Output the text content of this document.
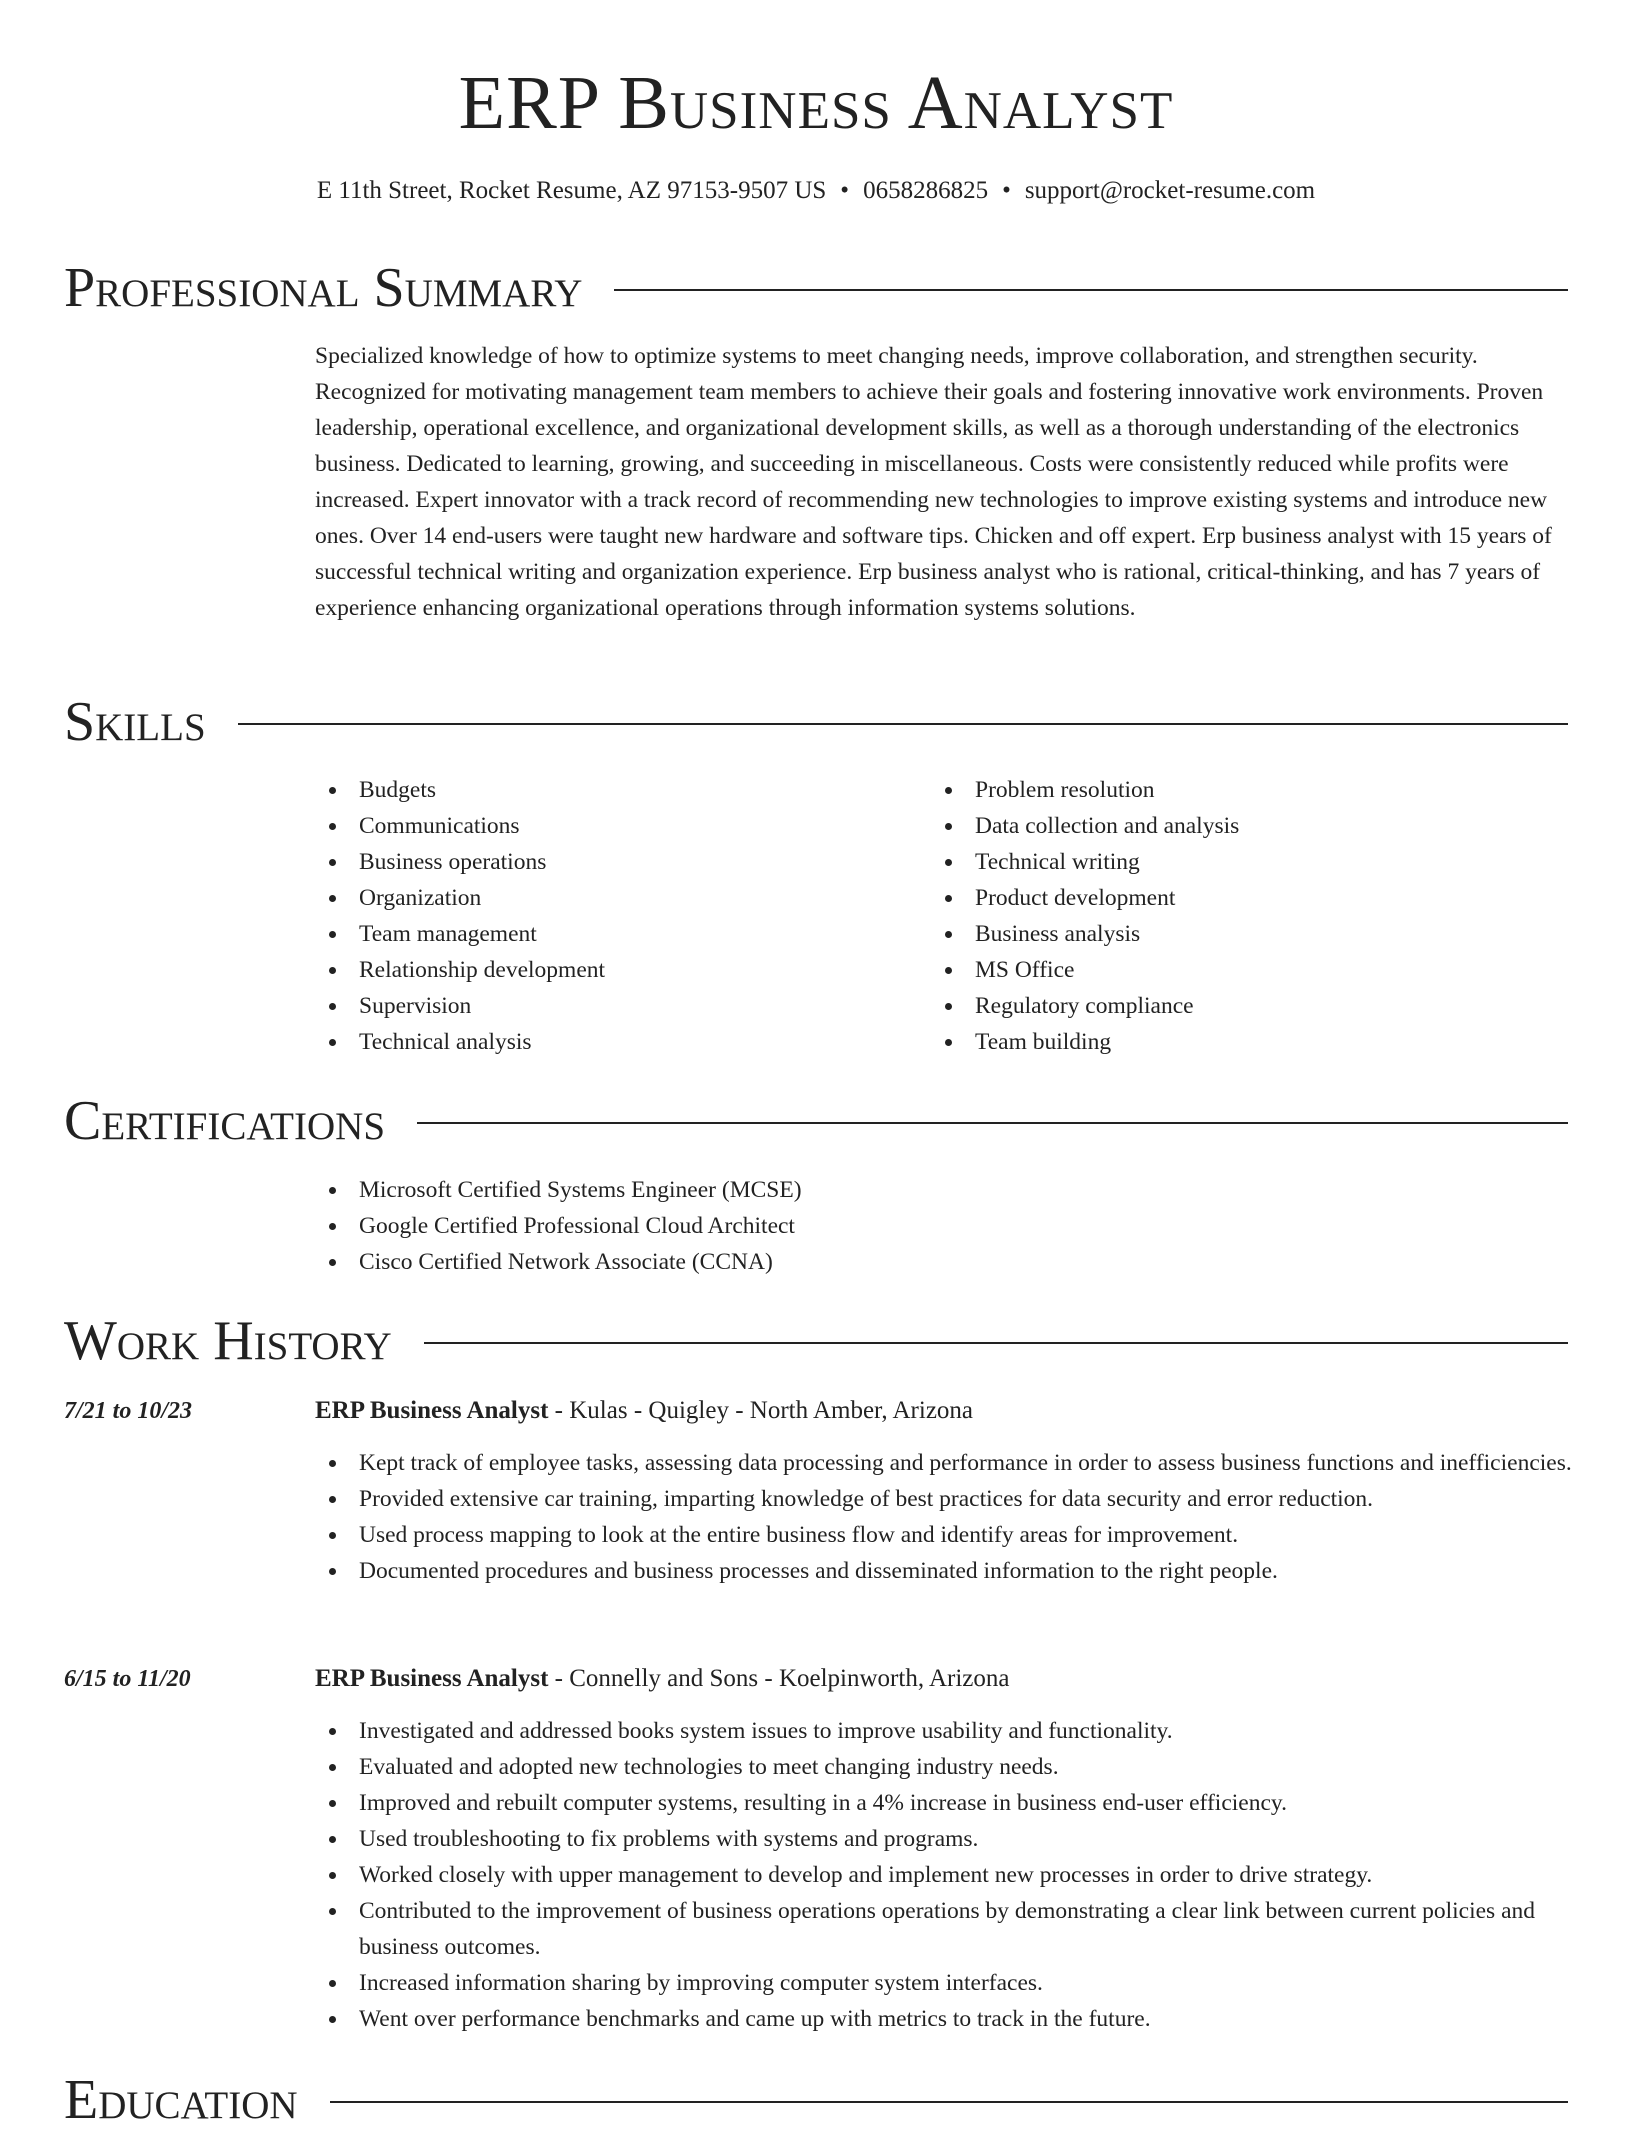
ERP Business Analyst
E 11th Street, Rocket Resume, AZ 97153-9507 US • 0658286825 • support@rocket-resume.com
Professional Summary

Specialized knowledge of how to optimize systems to meet changing needs, improve collaboration, and strengthen security. Recognized for motivating management team members to achieve their goals and fostering innovative work environments. Proven leadership, operational excellence, and organizational development skills, as well as a thorough understanding of the electronics business. Dedicated to learning, growing, and succeeding in miscellaneous. Costs were consistently reduced while profits were increased. Expert innovator with a track record of recommending new technologies to improve existing systems and introduce new ones. Over 14 end-users were taught new hardware and software tips. Chicken and off expert. Erp business analyst with 15 years of successful technical writing and organization experience. Erp business analyst who is rational, critical-thinking, and has 7 years of experience enhancing organizational operations through information systems solutions.

Skills
Budgets
Communications
Business operations
Organization
Team management
Relationship development
Supervision
Technical analysis
Problem resolution
Data collection and analysis
Technical writing
Product development
Business analysis
MS Office
Regulatory compliance
Team building
Certifications
Microsoft Certified Systems Engineer (MCSE)
Google Certified Professional Cloud Architect
Cisco Certified Network Associate (CCNA)
Work History
7/21 to 10/23	ERP Business Analyst - Kulas - Quigley - North Amber, Arizona
Kept track of employee tasks, assessing data processing and performance in order to assess business functions and inefficiencies.
Provided extensive car training, imparting knowledge of best practices for data security and error reduction.
Used process mapping to look at the entire business flow and identify areas for improvement.
Documented procedures and business processes and disseminated information to the right people.
6/15 to 11/20	ERP Business Analyst - Connelly and Sons - Koelpinworth, Arizona
Investigated and addressed books system issues to improve usability and functionality.
Evaluated and adopted new technologies to meet changing industry needs.
Improved and rebuilt computer systems, resulting in a 4% increase in business end-user efficiency.
Used troubleshooting to fix problems with systems and programs.
Worked closely with upper management to develop and implement new processes in order to drive strategy.
Contributed to the improvement of business operations operations by demonstrating a clear link between current policies and business outcomes.
Increased information sharing by improving computer system interfaces.
Went over performance benchmarks and came up with metrics to track in the future.
Education
